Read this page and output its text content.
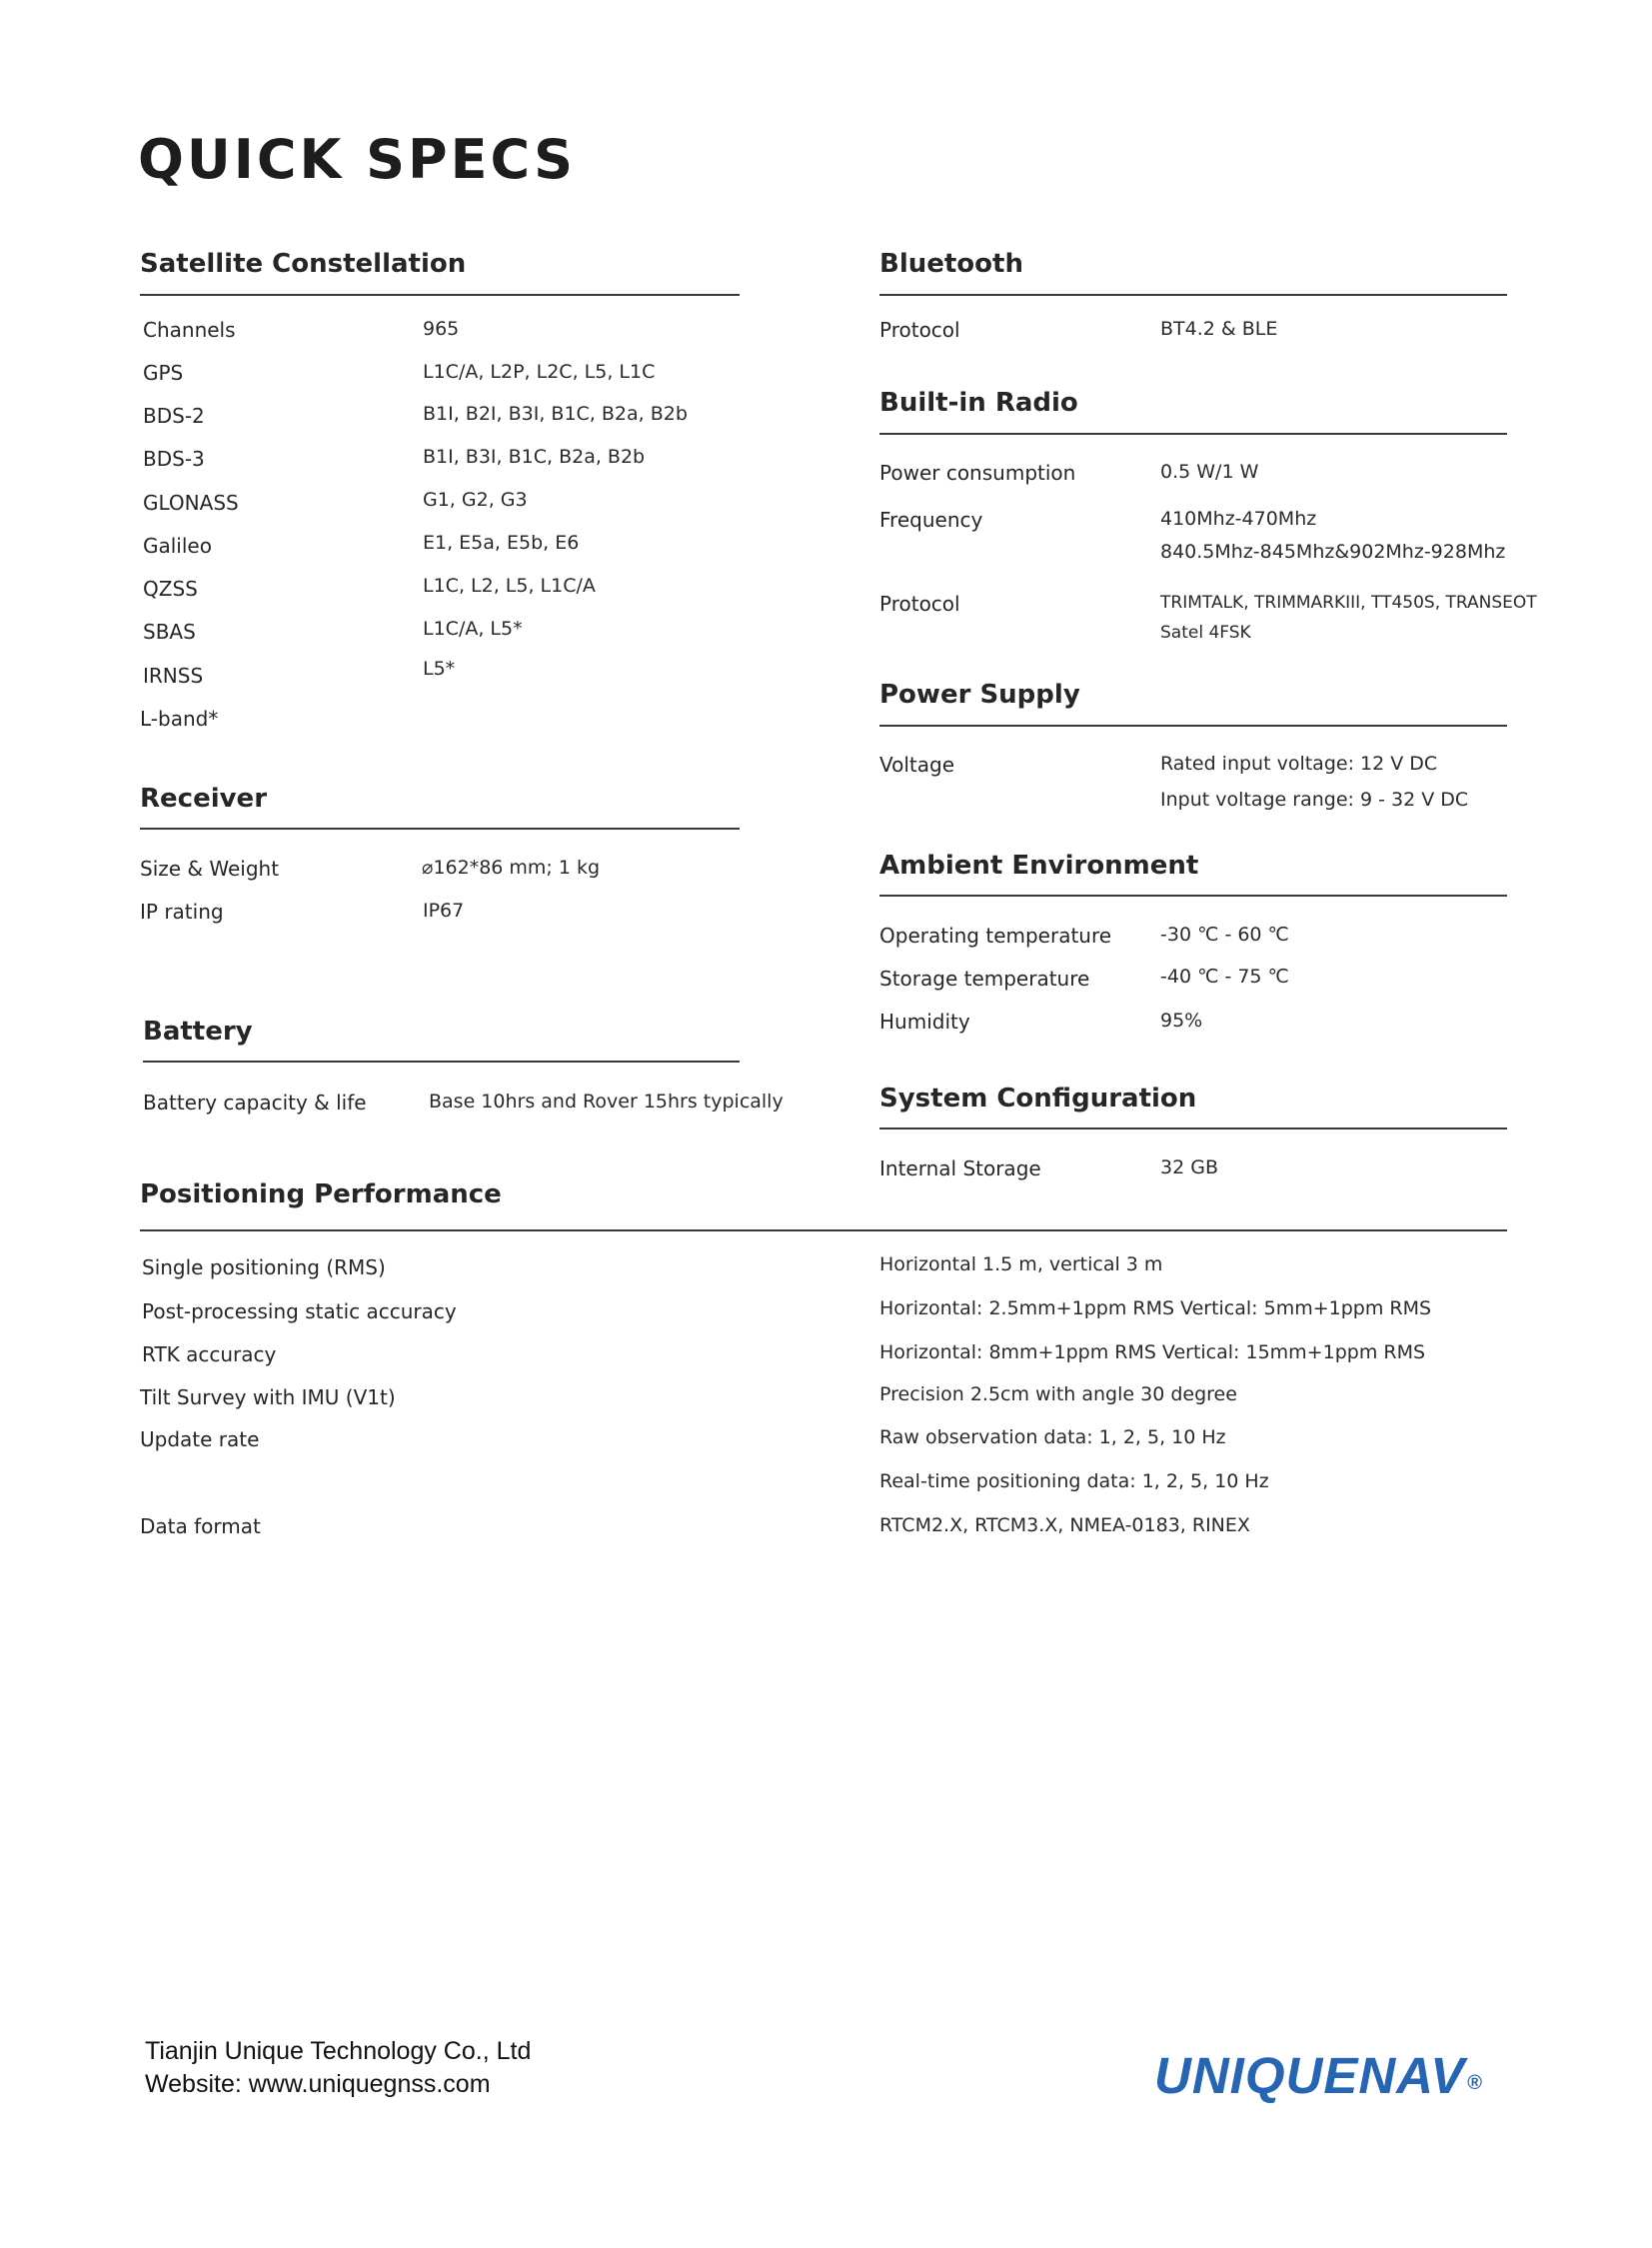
QUICK SPECS
Satellite Constellation
Channels	965
GPS	L1C/A, L2P, L2C, L5, L1C
BDS-2	B1I, B2I, B3I, B1C, B2a, B2b
BDS-3	B1I, B3I, B1C, B2a, B2b
GLONASS	G1, G2, G3
Galileo	E1, E5a, E5b, E6
QZSS	L1C, L2, L5, L1C/A
SBAS	L1C/A, L5*
IRNSS	L5*
L-band*
Receiver
Size & Weight	⌀162*86 mm; 1 kg
IP rating	IP67
Battery
Battery capacity & life	Base 10hrs and Rover 15hrs typically
Bluetooth
Protocol	BT4.2 & BLE
Built-in Radio
Power consumption	0.5 W/1 W
Frequency	410Mhz-470Mhz
840.5Mhz-845Mhz&902Mhz-928Mhz
Protocol	TRIMTALK, TRIMMARKIII, TT450S, TRANSEOT
Satel 4FSK
Power Supply
Voltage	Rated input voltage: 12 V DC
Input voltage range: 9 - 32 V DC
Ambient Environment
Operating temperature	-30 ℃ - 60 ℃
Storage temperature	-40 ℃ - 75 ℃
Humidity	95%
System Configuration
Internal Storage	32 GB
Positioning Performance
Single positioning (RMS)	Horizontal 1.5 m, vertical 3 m
Post-processing static accuracy	Horizontal: 2.5mm+1ppm RMS Vertical: 5mm+1ppm RMS
RTK accuracy	Horizontal: 8mm+1ppm RMS Vertical: 15mm+1ppm RMS
Tilt Survey with IMU (V1t)	Precision 2.5cm with angle 30 degree
Update rate	Raw observation data: 1, 2, 5, 10 Hz
Real-time positioning data: 1, 2, 5, 10 Hz
Data format	RTCM2.X, RTCM3.X, NMEA-0183, RINEX
Tianjin Unique Technology Co., Ltd
Website: www.uniquegnss.com	UNIQUENAV ®
